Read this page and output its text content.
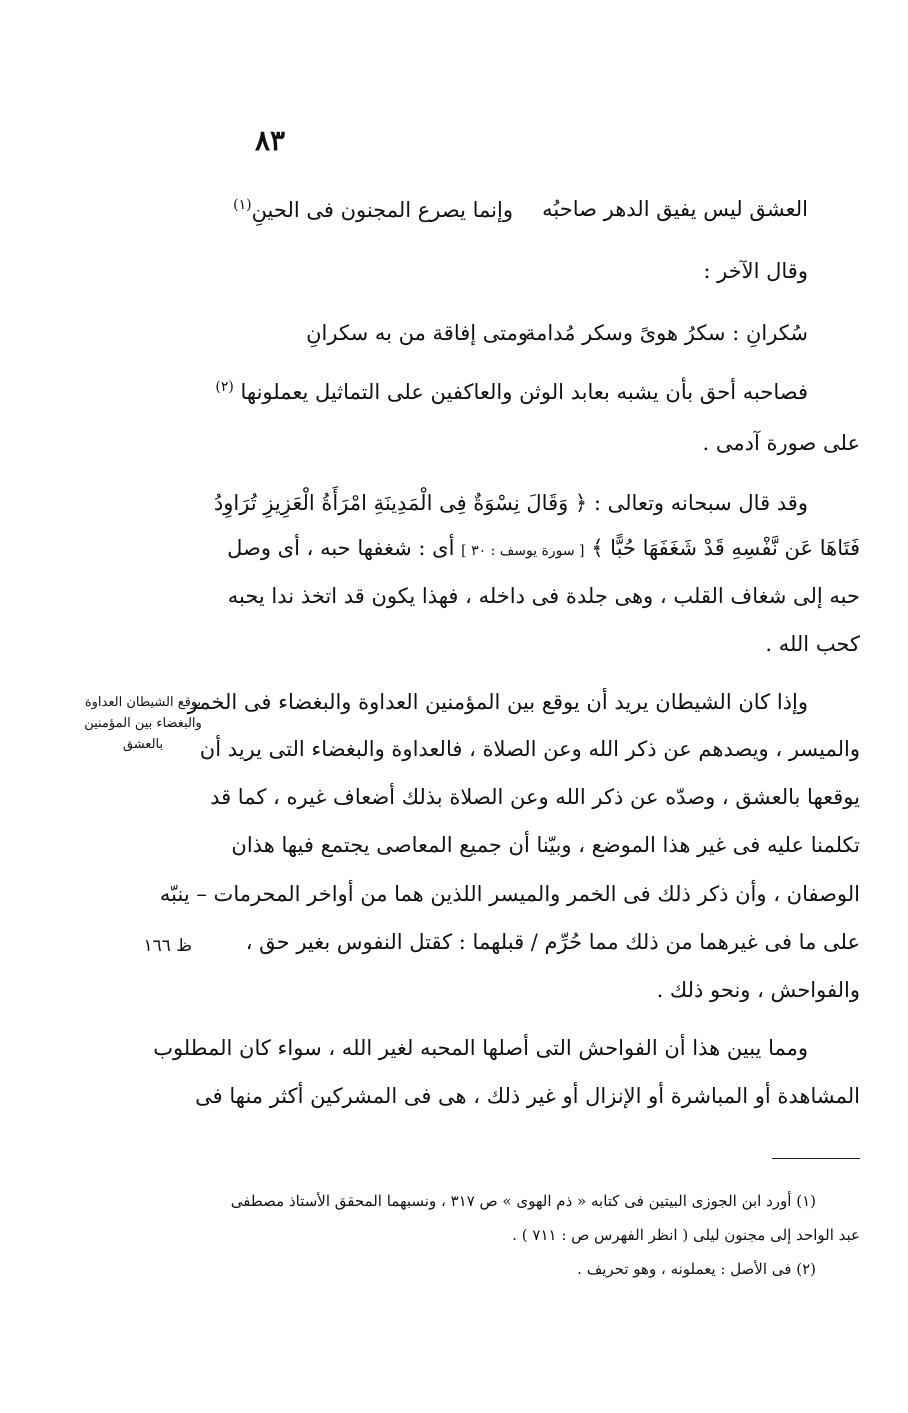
٨٣
العشق ليس يفيق الدهر صاحبُه
وإنما يصرع المجنون فى الحينِ$^{(١)}$
وقال الآخر :
سُكرانِ : سكرُ هوىً وسكر مُدامة
ومتى إفاقة من به سكرانِ
فصاحبه أحق بأن يشبه بعابد الوثن والعاكفين على التماثيل يعملونها $^{(٢)}$
على صورة آدمى .
وقد قال سبحانه وتعالى : ﴿ وَقَالَ نِسْوَةٌ فِى الْمَدِينَةِ امْرَأَةُ الْعَزِيزِ تُرَاوِدُ
فَتَاهَا عَن نَّفْسِهِ قَدْ شَغَفَهَا حُبًّا ﴾ [ سورة يوسف : ٣٠ ] أى : شغفها حبه ، أى وصل
حبه إلى شغاف القلب ، وهى جلدة فى داخله ، فهذا يكون قد اتخذ ندا يحبه
كحب الله .
وإذا كان الشيطان يريد أن يوقع بين المؤمنين العداوة والبغضاء فى الخمر
والميسر ، ويصدهم عن ذكر الله وعن الصلاة ، فالعداوة والبغضاء التى يريد أن
يوقعها بالعشق ، وصدّه عن ذكر الله وعن الصلاة بذلك أضعاف غيره ، كما قد
تكلمنا عليه فى غير هذا الموضع ، وبيّنا أن جميع المعاصى يجتمع فيها هذان
الوصفان ، وأن ذكر ذلك فى الخمر والميسر اللذين هما من أواخر المحرمات – ينبّه
على ما فى غيرهما من ذلك مما حُرِّم / قبلهما : كقتل النفوس بغير حق ،
والفواحش ، ونحو ذلك .
ومما يبين هذا أن الفواحش التى أصلها المحبه لغير الله ، سواء كان المطلوب
المشاهدة أو المباشرة أو الإنزال أو غير ذلك ، هى فى المشركين أكثر منها فى
يوقع الشيطان العداوة
والبغضاء بين المؤمنين
بالعشق
ظ ١٦٦
(١) أورد ابن الجوزى البيتين فى كتابه « ذم الهوى » ص ٣١٧ ، ونسبهما المحقق الأستاذ مصطفى
عبد الواحد إلى مجنون ليلى ( انظر الفهرس ص : ٧١١ ) .
(٢) فى الأصل : يعملونه ، وهو تحريف .
